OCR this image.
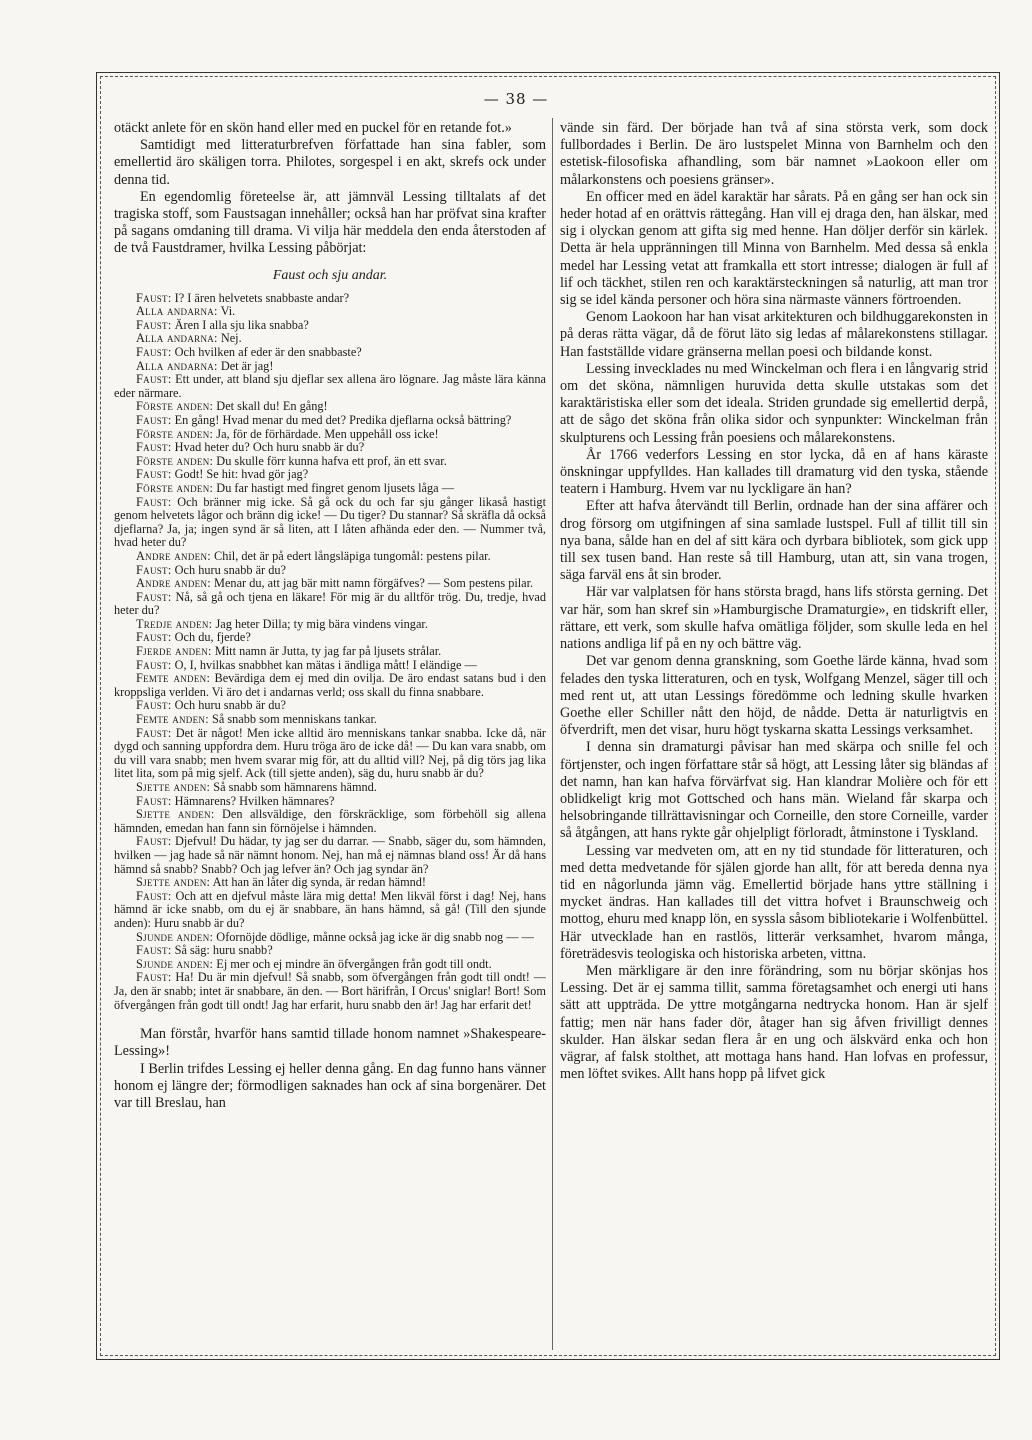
— 38 —

otäckt anlete för en skön hand eller med en puckel för en retande fot.»

Samtidigt med litteraturbrefven författade han sina fabler, som emellertid äro skäligen torra. Philotes, sorgespel i en akt, skrefs ock under denna tid.

En egendomlig företeelse är, att jämnväl Lessing tilltalats af det tragiska stoff, som Faustsagan innehåller; också han har pröfvat sina krafter på sagans omdaning till drama. Vi vilja här meddela den enda återstoden af de två Faustdramer, hvilka Lessing påbörjat:

Faust och sju andar.

Faust: I? I ären helvetets snabbaste andar?

Alla andarna: Vi.

Faust: Ären I alla sju lika snabba?

Alla andarna: Nej.

Faust: Och hvilken af eder är den snabbaste?

Alla andarna: Det är jag!

Faust: Ett under, att bland sju djeflar sex allena äro lögnare. Jag måste lära känna eder närmare.

Förste anden: Det skall du! En gång!

Faust: En gång! Hvad menar du med det? Predika djeflarna också bättring?

Förste anden: Ja, för de förhärdade. Men uppehåll oss icke!

Faust: Hvad heter du? Och huru snabb är du?

Förste anden: Du skulle förr kunna hafva ett prof, än ett svar.

Faust: Godt! Se hit: hvad gör jag?

Förste anden: Du far hastigt med fingret genom ljusets låga —

Faust: Och bränner mig icke. Så gå ock du och far sju gånger likaså hastigt genom helvetets lågor och bränn dig icke! — Du tiger? Du stannar? Så skräfla då också djeflarna? Ja, ja; ingen synd är så liten, att I låten afhända eder den. — Nummer två, hvad heter du?

Andre anden: Chil, det är på edert långsläpiga tungomål: pestens pilar.

Faust: Och huru snabb är du?

Andre anden: Menar du, att jag bär mitt namn förgäfves? — Som pestens pilar.

Faust: Nå, så gå och tjena en läkare! För mig är du alltför trög. Du, tredje, hvad heter du?

Tredje anden: Jag heter Dilla; ty mig bära vindens vingar.

Faust: Och du, fjerde?

Fjerde anden: Mitt namn är Jutta, ty jag far på ljusets strålar.

Faust: O, I, hvilkas snabbhet kan mätas i ändliga mått! I eländige —

Femte anden: Bevärdiga dem ej med din ovilja. De äro endast satans bud i den kroppsliga verlden. Vi äro det i andarnas verld; oss skall du finna snabbare.

Faust: Och huru snabb är du?

Femte anden: Så snabb som menniskans tankar.

Faust: Det är något! Men icke alltid äro menniskans tankar snabba. Icke då, när dygd och sanning uppfordra dem. Huru tröga äro de icke då! — Du kan vara snabb, om du vill vara snabb; men hvem svarar mig för, att du alltid vill? Nej, på dig törs jag lika litet lita, som på mig sjelf. Ack (till sjette anden), säg du, huru snabb är du?

Sjette anden: Så snabb som hämnarens hämnd.

Faust: Hämnarens? Hvilken hämnares?

Sjette anden: Den allsväldige, den förskräcklige, som förbehöll sig allena hämnden, emedan han fann sin förnöjelse i hämnden.

Faust: Djefvul! Du hädar, ty jag ser du darrar. — Snabb, säger du, som hämnden, hvilken — jag hade så när nämnt honom. Nej, han må ej nämnas bland oss! Är då hans hämnd så snabb? Snabb? Och jag lefver än? Och jag syndar än?

Sjette anden: Att han än låter dig synda, är redan hämnd!

Faust: Och att en djefvul måste lära mig detta! Men likväl först i dag! Nej, hans hämnd är icke snabb, om du ej är snabbare, än hans hämnd, så gå! (Till den sjunde anden): Huru snabb är du?

Sjunde anden: Ofornöjde dödlige, månne också jag icke är dig snabb nog — —

Faust: Så säg: huru snabb?

Sjunde anden: Ej mer och ej mindre än öfvergången från godt till ondt.

Faust: Ha! Du är min djefvul! Så snabb, som öfvergången från godt till ondt! — Ja, den är snabb; intet är snabbare, än den. — Bort härifrån, I Orcus' sniglar! Bort! Som öfvergången från godt till ondt! Jag har erfarit, huru snabb den är! Jag har erfarit det!

Man förstår, hvarför hans samtid tillade honom namnet »Shakespeare-Lessing»!

I Berlin trifdes Lessing ej heller denna gång. En dag funno hans vänner honom ej längre der; förmodligen saknades han ock af sina borgenärer. Det var till Breslau, han

vände sin färd. Der började han två af sina största verk, som dock fullbordades i Berlin. De äro lustspelet Minna von Barnhelm och den estetisk-filosofiska afhandling, som bär namnet »Laokoon eller om målarkonstens och poesiens gränser».

En officer med en ädel karaktär har sårats. På en gång ser han ock sin heder hotad af en orättvis rättegång. Han vill ej draga den, han älskar, med sig i olyckan genom att gifta sig med henne. Han döljer derför sin kärlek. Detta är hela uppränningen till Minna von Barnhelm. Med dessa så enkla medel har Lessing vetat att framkalla ett stort intresse; dialogen är full af lif och täckhet, stilen ren och karaktärsteckningen så naturlig, att man tror sig se idel kända personer och höra sina närmaste vänners förtroenden.

Genom Laokoon har han visat arkitekturen och bildhuggarekonsten in på deras rätta vägar, då de förut läto sig ledas af målarekonstens stillagar. Han fastställde vidare gränserna mellan poesi och bildande konst.

Lessing invecklades nu med Winckelman och flera i en långvarig strid om det sköna, nämnligen huruvida detta skulle utstakas som det karaktäristiska eller som det ideala. Striden grundade sig emellertid derpå, att de sågo det sköna från olika sidor och synpunkter: Winckelman från skulpturens och Lessing från poesiens och målarekonstens.

År 1766 vederfors Lessing en stor lycka, då en af hans käraste önskningar uppfylldes. Han kallades till dramaturg vid den tyska, stående teatern i Hamburg. Hvem var nu lyckligare än han?

Efter att hafva återvändt till Berlin, ordnade han der sina affärer och drog försorg om utgifningen af sina samlade lustspel. Full af tillit till sin nya bana, sålde han en del af sitt kära och dyrbara bibliotek, som gick upp till sex tusen band. Han reste så till Hamburg, utan att, sin vana trogen, säga farväl ens åt sin broder.

Här var valplatsen för hans största bragd, hans lifs största gerning. Det var här, som han skref sin »Hamburgische Dramaturgie», en tidskrift eller, rättare, ett verk, som skulle hafva omätliga följder, som skulle leda en hel nations andliga lif på en ny och bättre väg.

Det var genom denna granskning, som Goethe lärde känna, hvad som felades den tyska litteraturen, och en tysk, Wolfgang Menzel, säger till och med rent ut, att utan Lessings föredömme och ledning skulle hvarken Goethe eller Schiller nått den höjd, de nådde. Detta är naturligtvis en öfverdrift, men det visar, huru högt tyskarna skatta Lessings verksamhet.

I denna sin dramaturgi påvisar han med skärpa och snille fel och förtjenster, och ingen författare står så högt, att Lessing låter sig bländas af det namn, han kan hafva förvärfvat sig. Han klandrar Molière och för ett oblidkeligt krig mot Gottsched och hans män. Wieland får skarpa och helsobringande tillrättavisningar och Corneille, den store Corneille, varder så åtgången, att hans rykte går ohjelpligt förloradt, åtminstone i Tyskland.

Lessing var medveten om, att en ny tid stundade för litteraturen, och med detta medvetande för själen gjorde han allt, för att bereda denna nya tid en någorlunda jämn väg. Emellertid började hans yttre ställning i mycket ändras. Han kallades till det vittra hofvet i Braunschweig och mottog, ehuru med knapp lön, en syssla såsom bibliotekarie i Wolfenbüttel. Här utvecklade han en rastlös, litterär verksamhet, hvarom många, företrädesvis teologiska och historiska arbeten, vittna.

Men märkligare är den inre förändring, som nu börjar skönjas hos Lessing. Det är ej samma tillit, samma företagsamhet och energi uti hans sätt att uppträda. De yttre motgångarna nedtrycka honom. Han är sjelf fattig; men när hans fader dör, åtager han sig åfven frivilligt dennes skulder. Han älskar sedan flera år en ung och älskvärd enka och hon vägrar, af falsk stolthet, att mottaga hans hand. Han lofvas en professur, men löftet svikes. Allt hans hopp på lifvet gick
